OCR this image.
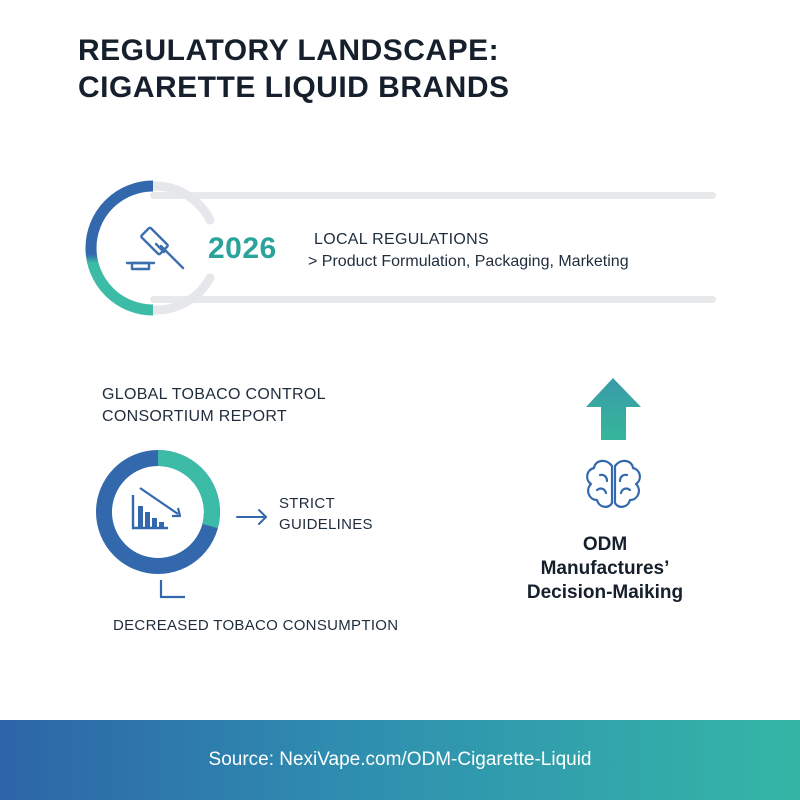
REGULATORY LANDSCAPE:
CIGARETTE LIQUID BRANDS
2026 LOCAL REGULATIONS
> Product Formulation, Packaging, Marketing
GLOBAL TOBACO CONTROL
CONSORTIUM REPORT
STRICT
GUIDELINES
DECREASED TOBACO CONSUMPTION
ODM
Manufactures’
Decision-Maiking
Source: NexiVape.com/ODM-Cigarette-Liquid
